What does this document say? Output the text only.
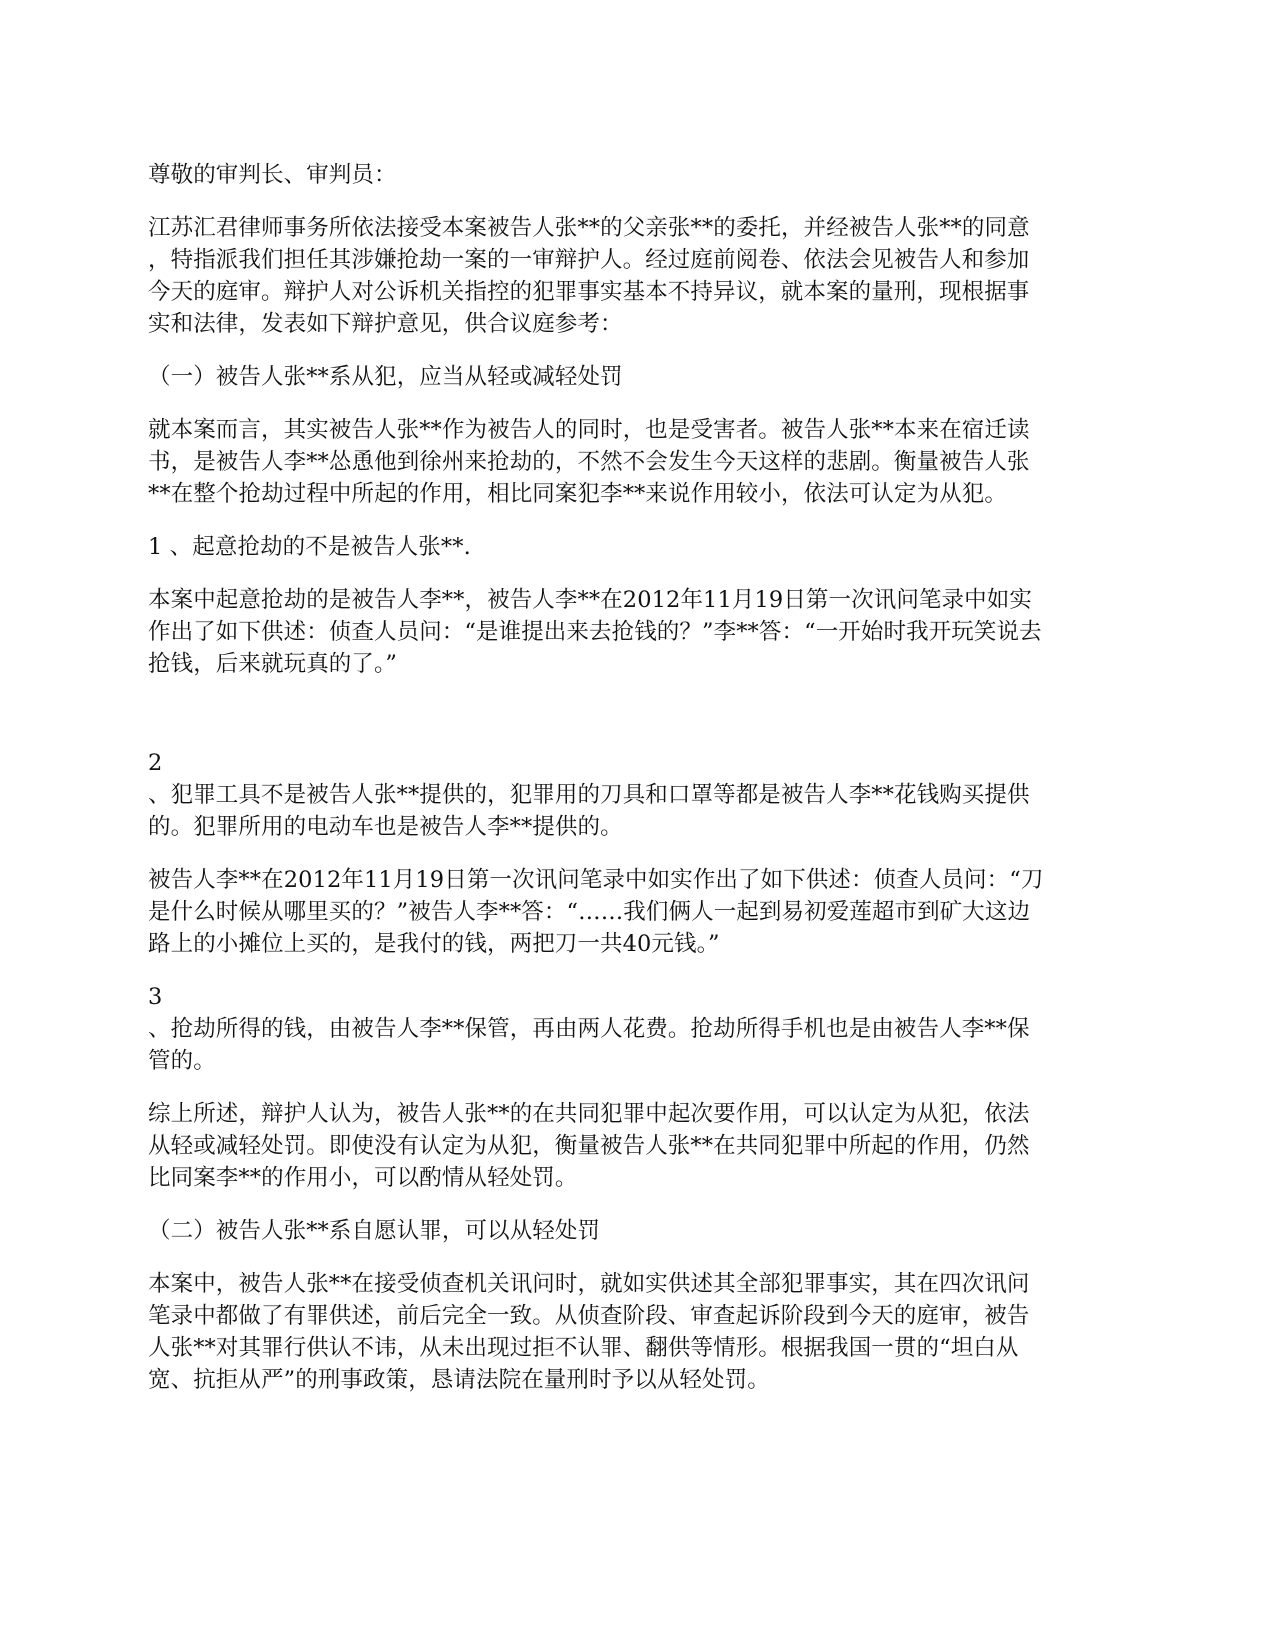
尊敬的审判长、审判员：

江苏汇君律师事务所依法接受本案被告人张**的父亲张**的委托，并经被告人张**的同意
，特指派我们担任其涉嫌抢劫一案的一审辩护人。经过庭前阅卷、依法会见被告人和参加
今天的庭审。辩护人对公诉机关指控的犯罪事实基本不持异议，就本案的量刑，现根据事
实和法律，发表如下辩护意见，供合议庭参考：

（一）被告人张**系从犯，应当从轻或减轻处罚

就本案而言，其实被告人张**作为被告人的同时，也是受害者。被告人张**本来在宿迁读
书，是被告人李**怂恿他到徐州来抢劫的，不然不会发生今天这样的悲剧。衡量被告人张
**在整个抢劫过程中所起的作用，相比同案犯李**来说作用较小，依法可认定为从犯。

1 、起意抢劫的不是被告人张**.

本案中起意抢劫的是被告人李**，被告人李**在2012年11月19日第一次讯问笔录中如实
作出了如下供述：侦查人员问：“是谁提出来去抢钱的？”李**答：“一开始时我开玩笑说去
抢钱，后来就玩真的了。”

2
、犯罪工具不是被告人张**提供的，犯罪用的刀具和口罩等都是被告人李**花钱购买提供
的。犯罪所用的电动车也是被告人李**提供的。

被告人李**在2012年11月19日第一次讯问笔录中如实作出了如下供述：侦查人员问：“刀
是什么时候从哪里买的？”被告人李**答：“……我们俩人一起到易初爱莲超市到矿大这边
路上的小摊位上买的，是我付的钱，两把刀一共40元钱。”

3
、抢劫所得的钱，由被告人李**保管，再由两人花费。抢劫所得手机也是由被告人李**保
管的。

综上所述，辩护人认为，被告人张**的在共同犯罪中起次要作用，可以认定为从犯，依法
从轻或减轻处罚。即使没有认定为从犯，衡量被告人张**在共同犯罪中所起的作用，仍然
比同案李**的作用小，可以酌情从轻处罚。

（二）被告人张**系自愿认罪，可以从轻处罚

本案中，被告人张**在接受侦查机关讯问时，就如实供述其全部犯罪事实，其在四次讯问
笔录中都做了有罪供述，前后完全一致。从侦查阶段、审查起诉阶段到今天的庭审，被告
人张**对其罪行供认不讳，从未出现过拒不认罪、翻供等情形。根据我国一贯的“坦白从
宽、抗拒从严”的刑事政策，恳请法院在量刑时予以从轻处罚。
